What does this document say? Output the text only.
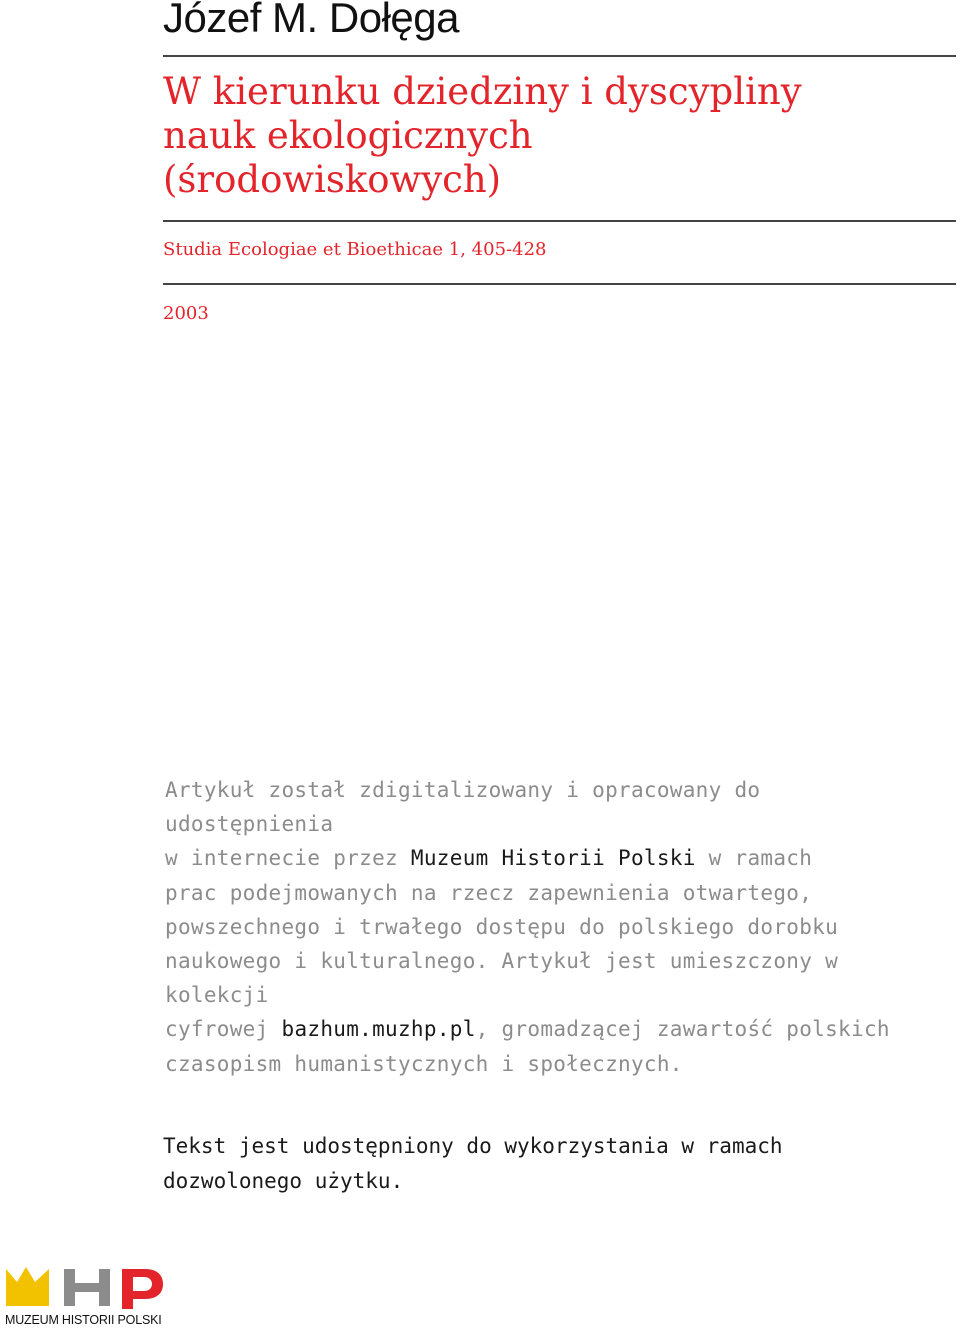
Józef M. Dołęga
W kierunku dziedziny i dyscypliny
nauk ekologicznych
(środowiskowych)
Studia Ecologiae et Bioethicae 1, 405-428
2003

Artykuł został zdigitalizowany i opracowany do udostępnienia
w internecie przez Muzeum Historii Polski w ramach
prac podejmowanych na rzecz zapewnienia otwartego,
powszechnego i trwałego dostępu do polskiego dorobku
naukowego i kulturalnego. Artykuł jest umieszczony w kolekcji
cyfrowej bazhum.muzhp.pl, gromadzącej zawartość polskich
czasopism humanistycznych i społecznych.

Tekst jest udostępniony do wykorzystania w ramach
dozwolonego użytku.

MUZEUM HISTORII POLSKI
